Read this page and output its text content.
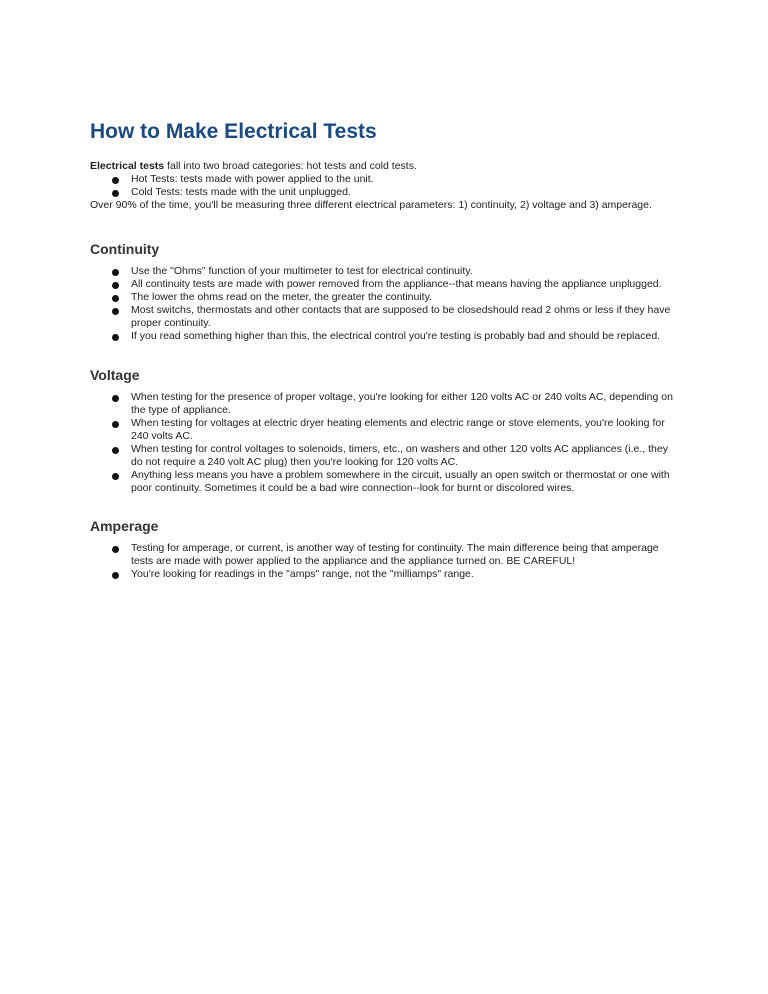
How to Make Electrical Tests

Electrical tests fall into two broad categories: hot tests and cold tests.

Hot Tests: tests made with power applied to the unit.
Cold Tests: tests made with the unit unplugged.

Over 90% of the time, you'll be measuring three different electrical parameters: 1) continuity, 2) voltage and 3) amperage.

Continuity
Use the "Ohms" function of your multimeter to test for electrical continuity.
All continuity tests are made with power removed from the appliance--that means having the appliance unplugged.
The lower the ohms read on the meter, the greater the continuity.
Most switchs, thermostats and other contacts that are supposed to be closedshould read 2 ohms or less if they have proper continuity.
If you read something higher than this, the electrical control you're testing is probably bad and should be replaced.
Voltage
When testing for the presence of proper voltage, you're looking for either 120 volts AC or 240 volts AC, depending on the type of appliance.
When testing for voltages at electric dryer heating elements and electric range or stove elements, you're looking for 240 volts AC.
When testing for control voltages to solenoids, timers, etc., on washers and other 120 volts AC appliances (i.e., they do not require a 240 volt AC plug) then you're looking for 120 volts AC.
Anything less means you have a problem somewhere in the circuit, usually an open switch or thermostat or one with poor continuity. Sometimes it could be a bad wire connection--look for burnt or discolored wires.
Amperage
Testing for amperage, or current, is another way of testing for continuity. The main difference being that amperage tests are made with power applied to the appliance and the appliance turned on. BE CAREFUL!
You're looking for readings in the "amps" range, not the "milliamps" range.
